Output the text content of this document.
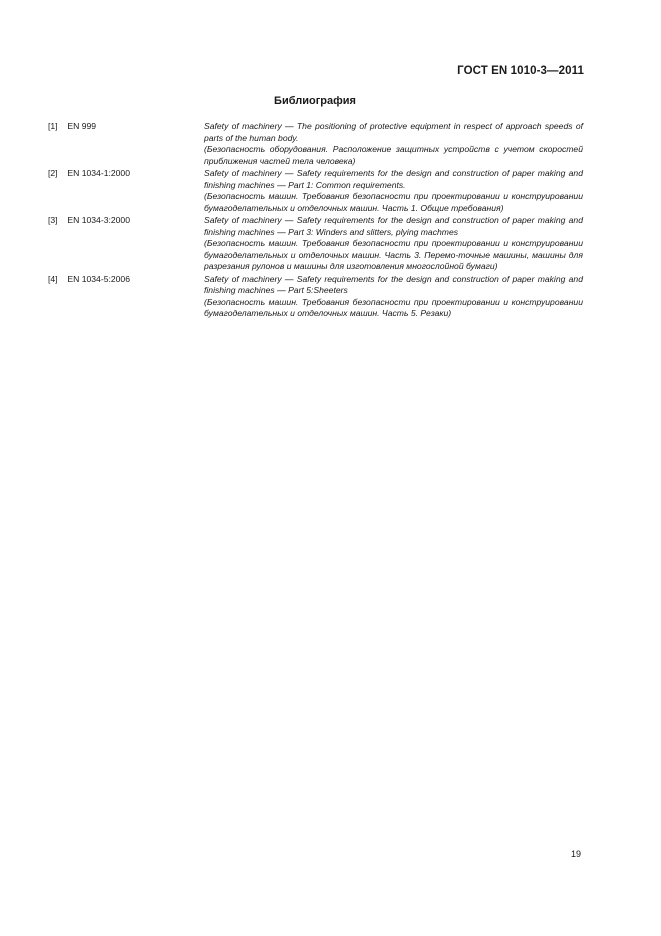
ГОСТ EN 1010-3—2011
Библиография
[1] EN 999	Safety of machinery — The positioning of protective equipment in respect of approach speeds of parts of the human body.

(Безопасность оборудования. Расположение защитных устройств с учетом скоростей приближения частей тела человека)

[2] EN 1034-1:2000	Safety of machinery — Safety requirements for the design and construction of paper making and finishing machines — Part 1: Common requirements.

(Безопасность машин. Требования безопасности при проектировании и конструировании бумагоделательных и отделочных машин. Часть 1. Общие требования)

[3] EN 1034-3:2000	Safety of machinery — Safety requirements for the design and construction of paper making and finishing machines — Part 3: Winders and slitters, plying machmes

(Безопасность машин. Требования безопасности при проектировании и конструировании бумагоделательных и отделочных машин. Часть 3. Перемо-точные машины, машины для разрезания рулонов и машины для изготовления многослойной бумаги)

[4] EN 1034-5:2006	Safety of machinery — Safety requirements for the design and construction of paper making and finishing machines — Part 5:Sheeters

(Безопасность машин. Требования безопасности при проектировании и конструировании бумагоделательных и отделочных машин. Часть 5. Резаки)

19
